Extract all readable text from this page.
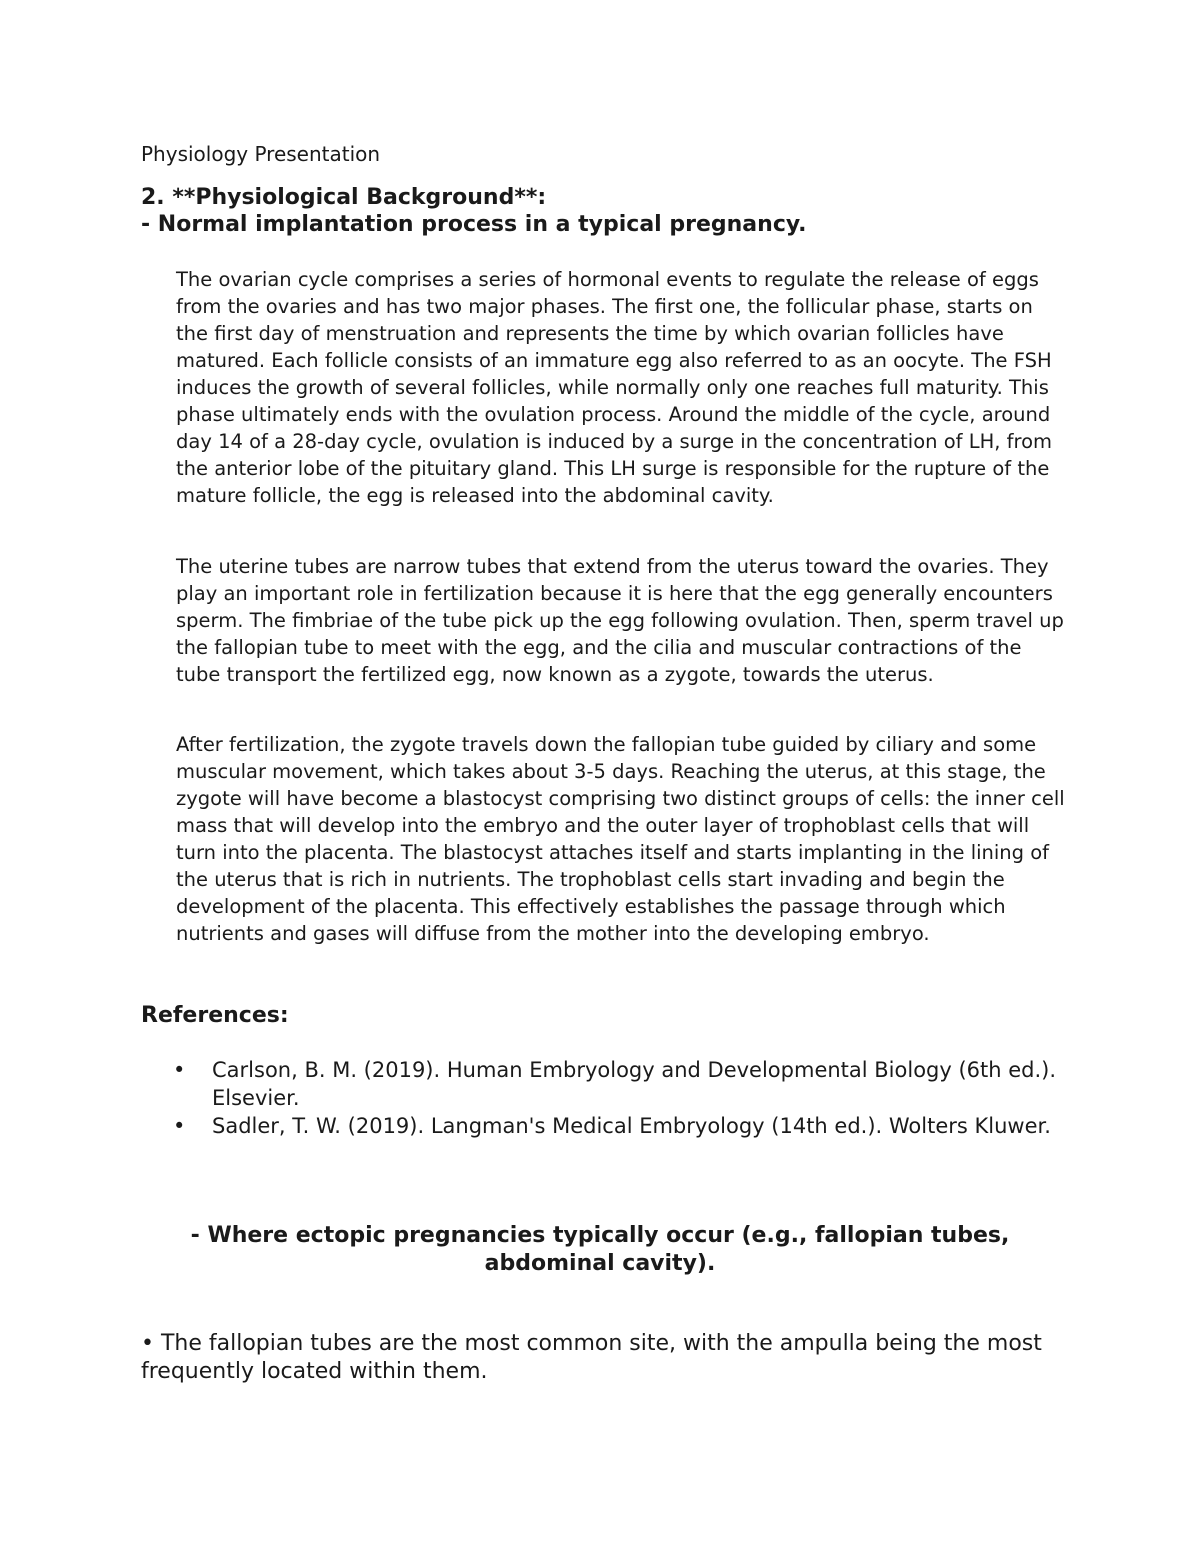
Physiology Presentation
2. **Physiological Background**:
- Normal implantation process in a typical pregnancy.

The ovarian cycle comprises a series of hormonal events to regulate the release of eggs from the ovaries and has two major phases. The first one, the follicular phase, starts on the first day of menstruation and represents the time by which ovarian follicles have matured. Each follicle consists of an immature egg also referred to as an oocyte. The FSH induces the growth of several follicles, while normally only one reaches full maturity. This phase ultimately ends with the ovulation process. Around the middle of the cycle, around day 14 of a 28-day cycle, ovulation is induced by a surge in the concentration of LH, from the anterior lobe of the pituitary gland. This LH surge is responsible for the rupture of the mature follicle, the egg is released into the abdominal cavity.

The uterine tubes are narrow tubes that extend from the uterus toward the ovaries. They play an important role in fertilization because it is here that the egg generally encounters sperm. The fimbriae of the tube pick up the egg following ovulation. Then, sperm travel up the fallopian tube to meet with the egg, and the cilia and muscular contractions of the tube transport the fertilized egg, now known as a zygote, towards the uterus.

After fertilization, the zygote travels down the fallopian tube guided by ciliary and some muscular movement, which takes about 3-5 days. Reaching the uterus, at this stage, the zygote will have become a blastocyst comprising two distinct groups of cells: the inner cell mass that will develop into the embryo and the outer layer of trophoblast cells that will turn into the placenta. The blastocyst attaches itself and starts implanting in the lining of the uterus that is rich in nutrients. The trophoblast cells start invading and begin the development of the placenta. This effectively establishes the passage through which nutrients and gases will diffuse from the mother into the developing embryo.

References:
• Carlson, B. M. (2019). Human Embryology and Developmental Biology (6th ed.). Elsevier.
• Sadler, T. W. (2019). Langman's Medical Embryology (14th ed.). Wolters Kluwer.
- Where ectopic pregnancies typically occur (e.g., fallopian tubes, abdominal cavity).

• The fallopian tubes are the most common site, with the ampulla being the most frequently located within them.
